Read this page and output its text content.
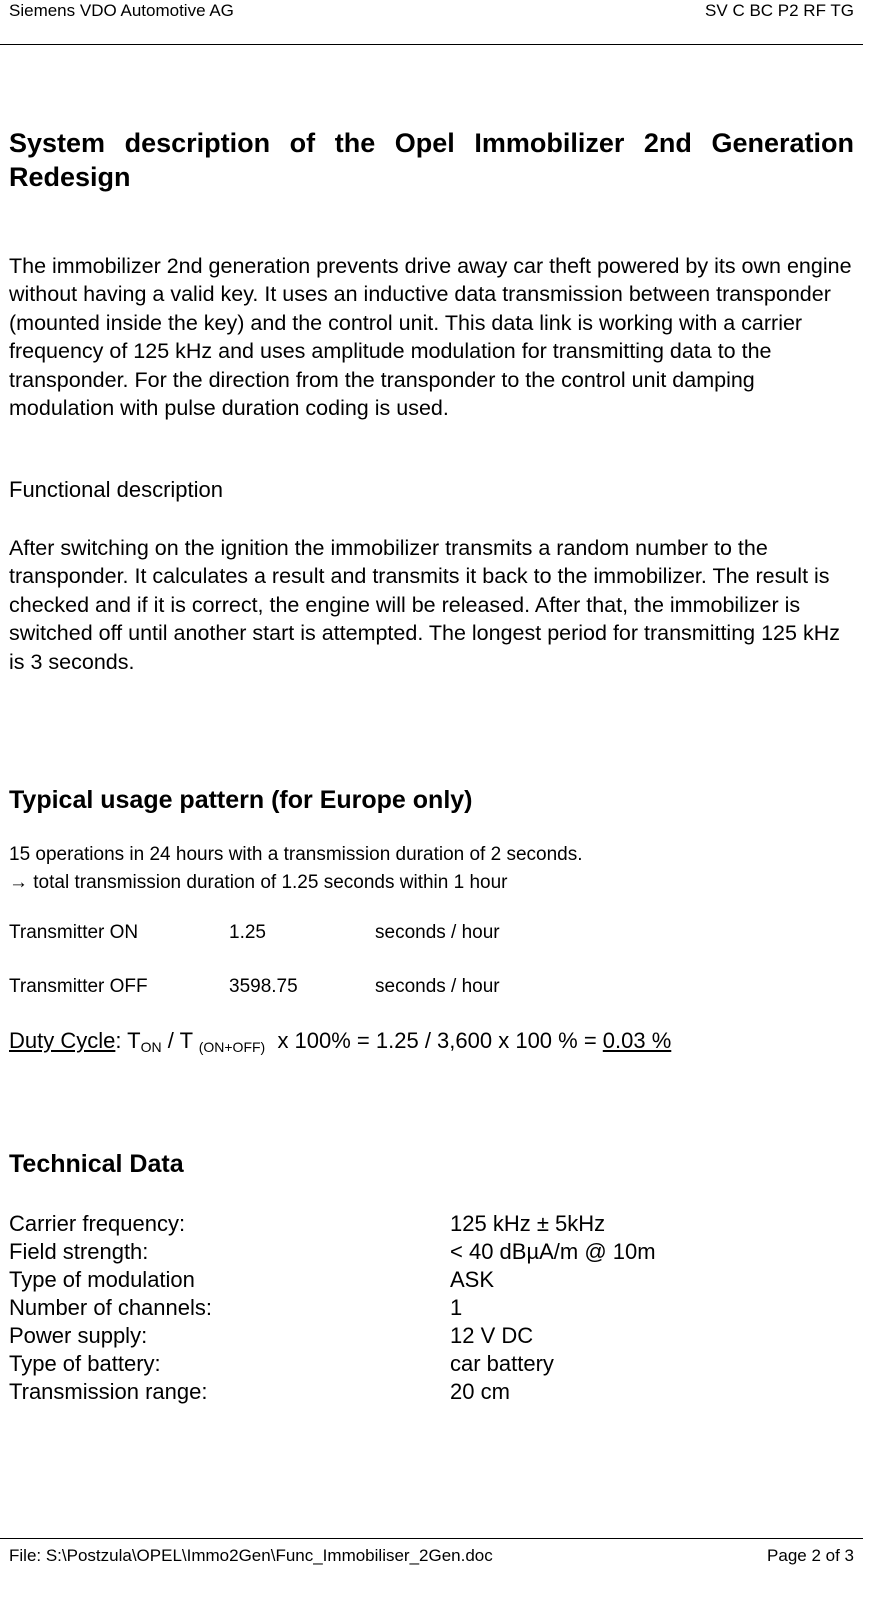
Siemens VDO Automotive AG	SV C BC P2 RF TG
System description of the Opel Immobilizer 2nd Generation Redesign
The immobilizer 2nd generation prevents drive away car theft powered by its own engine without having a valid key. It uses an inductive data transmission between transponder (mounted inside the key) and the control unit. This data link is working with a carrier frequency of 125 kHz and uses amplitude modulation for transmitting data to the transponder. For the direction from the transponder to the control unit damping modulation with pulse duration coding is used.
Functional description
After switching on the ignition the immobilizer transmits a random number to the transponder. It calculates a result and transmits it back to the immobilizer. The result is checked and if it is correct, the engine will be released. After that, the immobilizer is switched off until another start is attempted. The longest period for transmitting 125 kHz is 3 seconds.
Typical usage pattern (for Europe only)
15 operations in 24 hours with a transmission duration of 2 seconds.
→ total transmission duration of 1.25 seconds within 1 hour
Transmitter ON	1.25	seconds / hour
Transmitter OFF	3598.75	seconds / hour
Duty Cycle: $T_{ON}$ / T $_{(ON+OFF)}$  x 100% = 1.25 / 3,600 x 100 % = 0.03 %
Technical Data
Carrier frequency:	125 kHz ± 5kHz
Field strength:	< 40 dBµA/m @ 10m
Type of modulation	ASK
Number of channels:	1
Power supply:	12 V DC
Type of battery:	car battery
Transmission range:	20 cm
File: S:\Postzula\OPEL\Immo2Gen\Func_Immobiliser_2Gen.doc	Page 2 of 3
